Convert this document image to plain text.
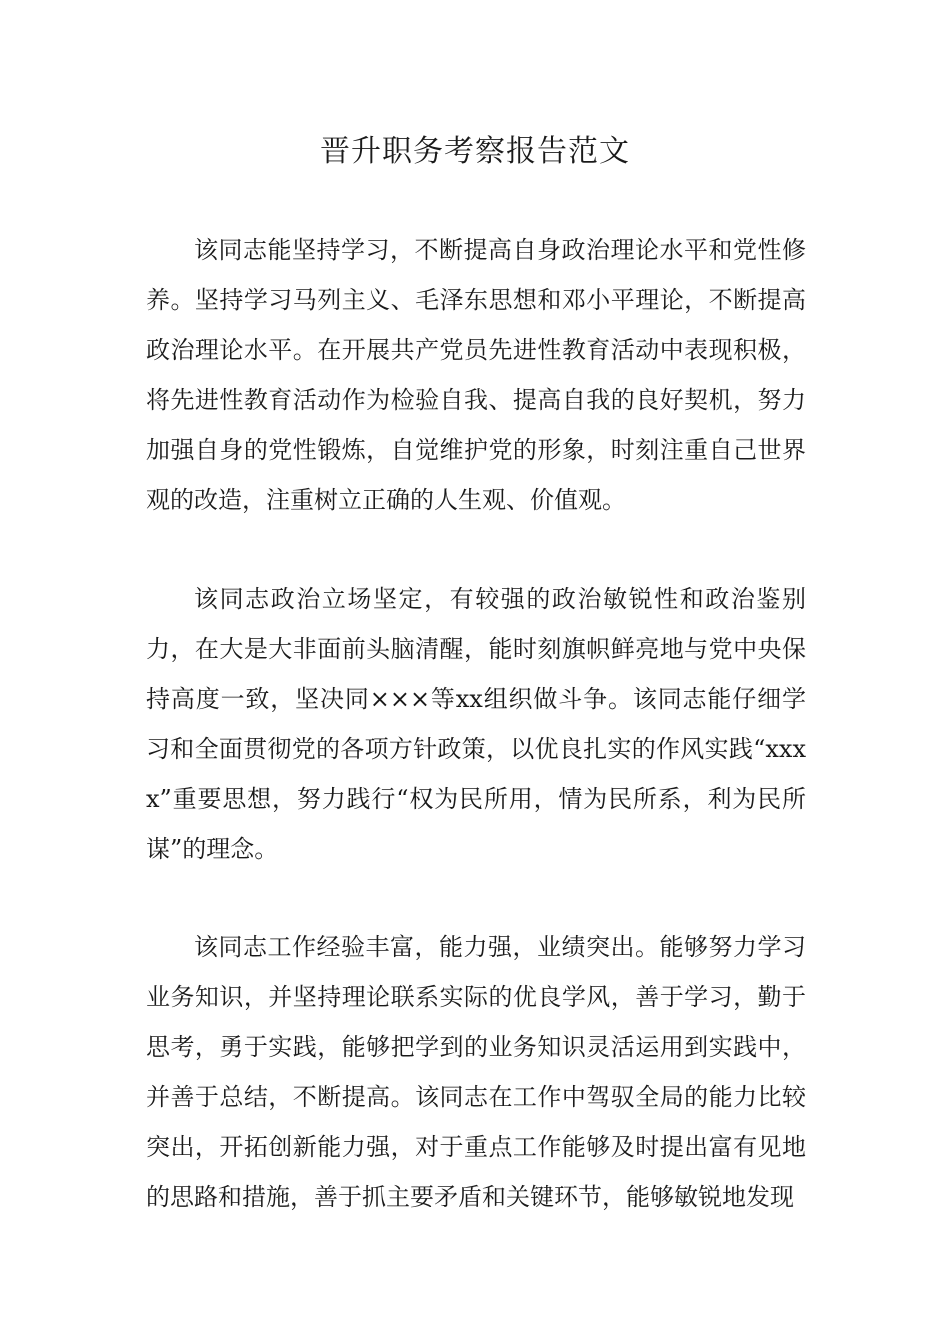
晋升职务考察报告范文

该同志能坚持学习，不断提高自身政治理论水平和党性修养。坚持学习马列主义、毛泽东思想和邓小平理论，不断提高政治理论水平。在开展共产党员先进性教育活动中表现积极，将先进性教育活动作为检验自我、提高自我的良好契机，努力加强自身的党性锻炼，自觉维护党的形象，时刻注重自己世界观的改造，注重树立正确的人生观、价值观。

该同志政治立场坚定，有较强的政治敏锐性和政治鉴别力，在大是大非面前头脑清醒，能时刻旗帜鲜亮地与党中央保持高度一致，坚决同×××等xx组织做斗争。该同志能仔细学习和全面贯彻党的各项方针政策，以优良扎实的作风实践“xxxx”重要思想，努力践行“权为民所用，情为民所系，利为民所谋”的理念。

该同志工作经验丰富，能力强，业绩突出。能够努力学习业务知识，并坚持理论联系实际的优良学风，善于学习，勤于思考，勇于实践，能够把学到的业务知识灵活运用到实践中，并善于总结，不断提高。该同志在工作中驾驭全局的能力比较突出，开拓创新能力强，对于重点工作能够及时提出富有见地的思路和措施，善于抓主要矛盾和关键环节，能够敏锐地发现
